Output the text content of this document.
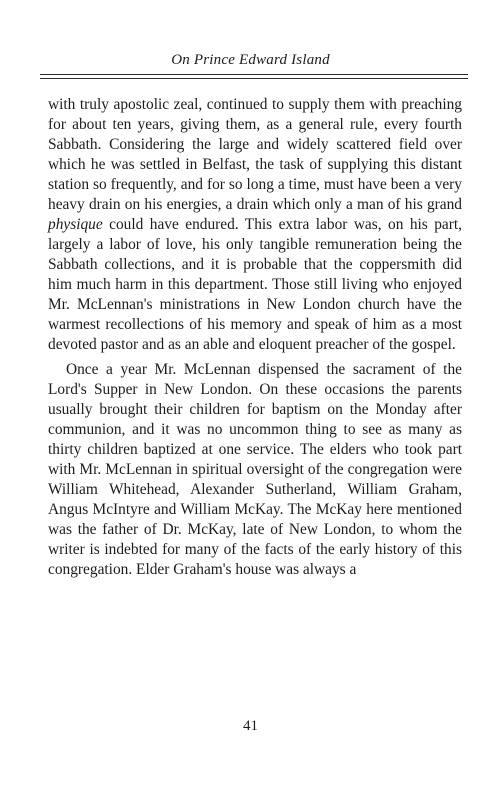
On Prince Edward Island

with truly apostolic zeal, continued to supply them with preaching for about ten years, giving them, as a general rule, every fourth Sabbath. Considering the large and widely scattered field over which he was settled in Belfast, the task of supplying this distant station so frequently, and for so long a time, must have been a very heavy drain on his energies, a drain which only a man of his grand physique could have endured. This extra labor was, on his part, largely a labor of love, his only tangible remuneration being the Sabbath collections, and it is probable that the coppersmith did him much harm in this department. Those still living who enjoyed Mr. McLennan's ministrations in New London church have the warmest recollections of his memory and speak of him as a most devoted pastor and as an able and eloquent preacher of the gospel.

Once a year Mr. McLennan dispensed the sacrament of the Lord's Supper in New London. On these occasions the parents usually brought their children for baptism on the Monday after communion, and it was no uncommon thing to see as many as thirty children baptized at one service. The elders who took part with Mr. McLennan in spiritual oversight of the congregation were William Whitehead, Alexander Sutherland, William Graham, Angus McIntyre and William McKay. The McKay here mentioned was the father of Dr. McKay, late of New London, to whom the writer is indebted for many of the facts of the early history of this congregation. Elder Graham's house was always a

41
